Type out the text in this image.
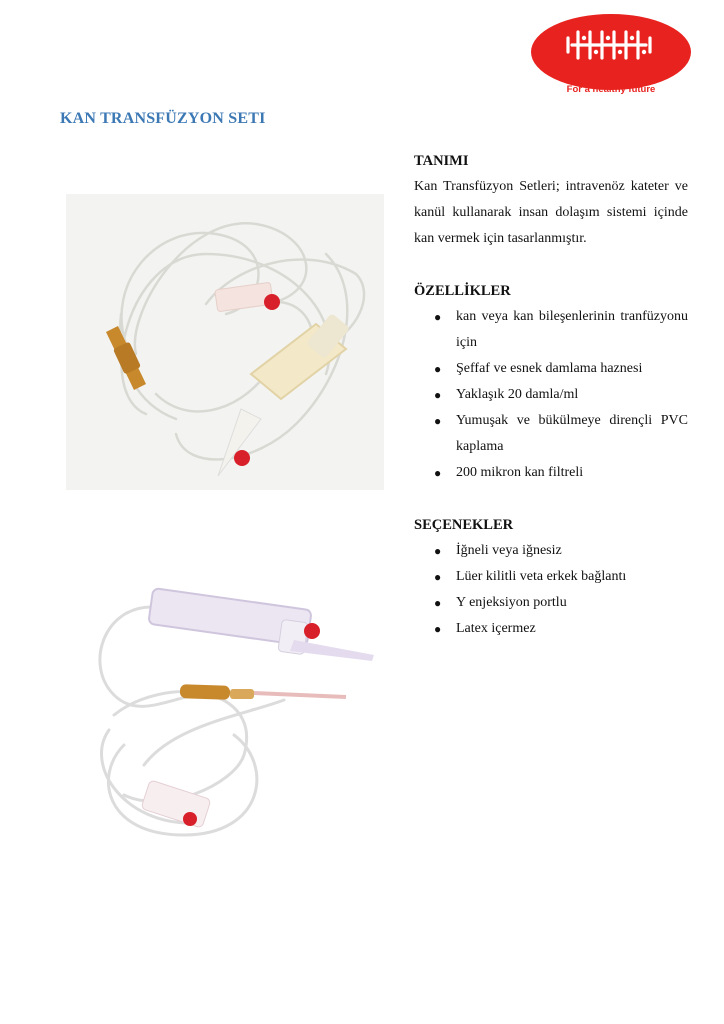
BosforMed
For a healthy future
KAN TRANSFÜZYON SETI
TANIMI

Kan Transfüzyon Setleri; intravenöz kateter ve kanül kullanarak insan dolaşım sistemi içinde kan vermek için tasarlanmıştır.

ÖZELLİKLER
● kan veya kan bileşenlerinin tranfüzyonu için
● Şeffaf ve esnek damlama haznesi
● Yaklaşık 20 damla/ml
● Yumuşak ve bükülmeye dirençli PVC kaplama
● 200 mikron kan filtreli
SEÇENEKLER
● İğneli veya iğnesiz
● Lüer kilitli veta erkek bağlantı
● Y enjeksiyon portlu
● Latex içermez
